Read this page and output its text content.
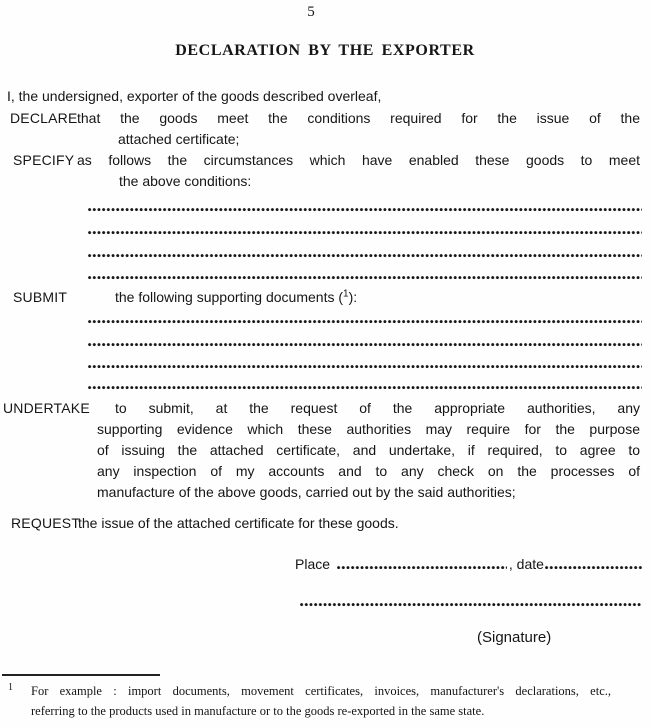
5
DECLARATION BY THE EXPORTER
I, the undersigned, exporter of the goods described overleaf,
DECLARE that the goods meet the conditions required for the issue of the
attached certificate;
SPECIFY as follows the circumstances which have enabled these goods to meet
the above conditions:
SUBMIT	the following supporting documents ($^1$):
UNDERTAKE	to submit, at the request of the appropriate authorities, any
supporting evidence which these authorities may require for the purpose
of issuing the attached certificate, and undertake, if required, to agree to
any inspection of my accounts and to any check on the processes of
manufacture of the above goods, carried out by the said authorities;
REQUEST
the issue of the attached certificate for these goods.
Place	, date
(Signature)
1 For example : import documents, movement certificates, invoices, manufacturer's declarations, etc.,
referring to the products used in manufacture or to the goods re-exported in the same state.
